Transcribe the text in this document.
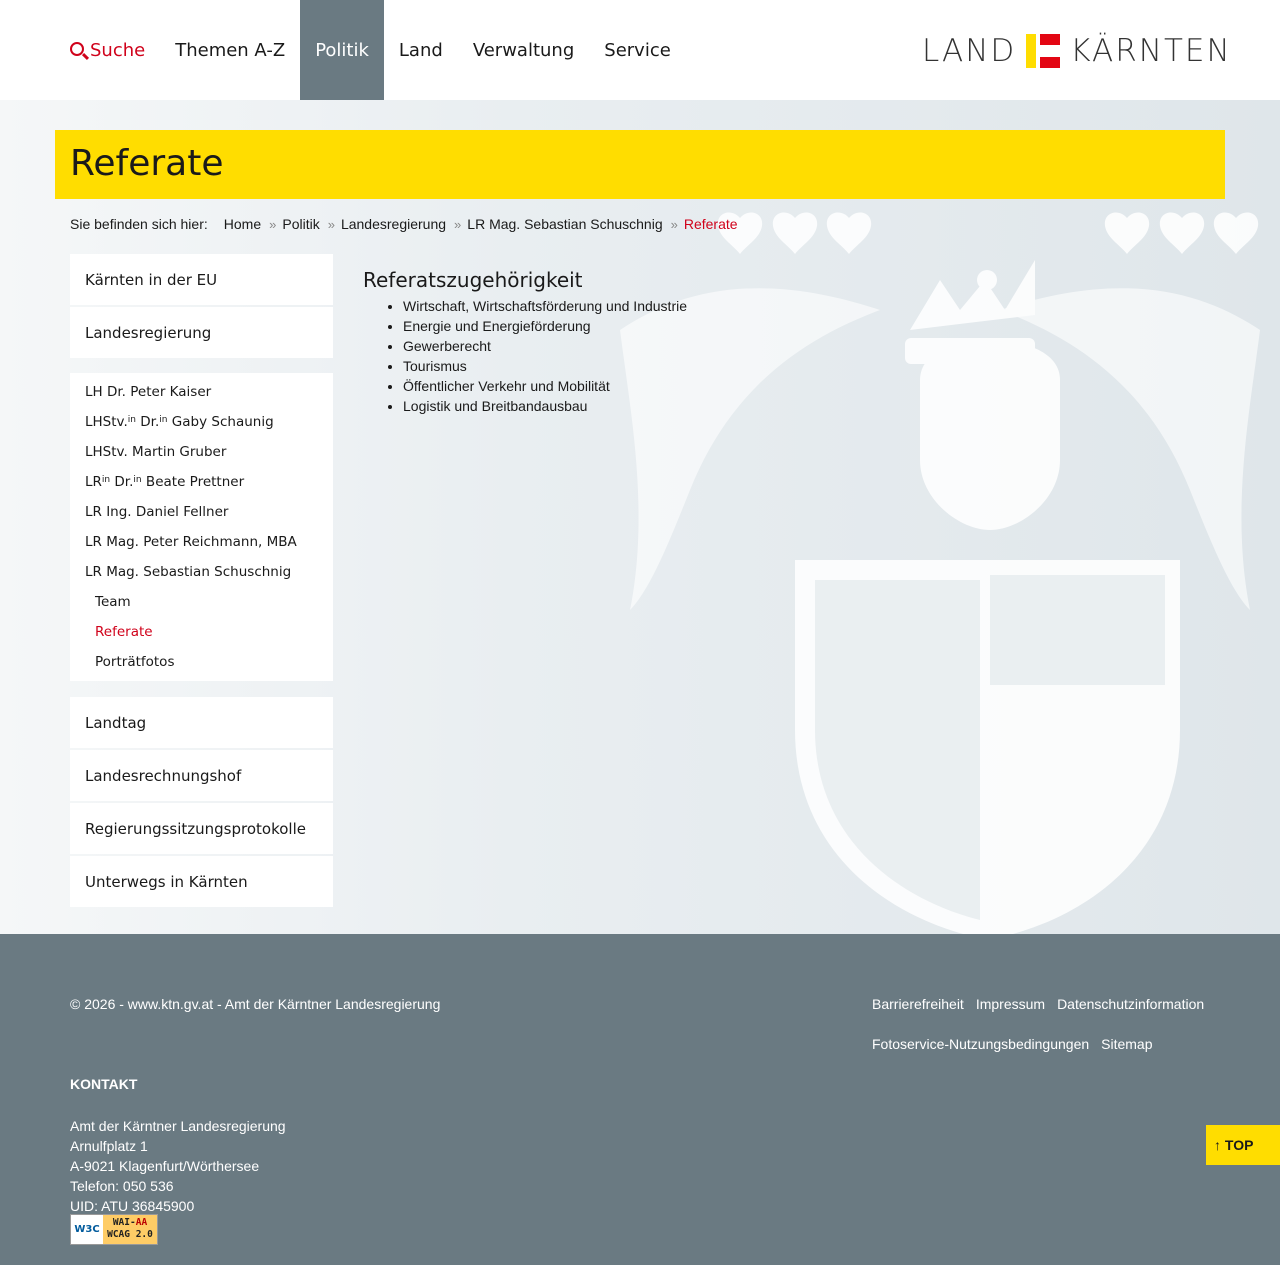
Suche	Themen A-Z	Politik	Land	Verwaltung	Service	LAND KÄRNTEN
Referate
Sie befinden sich hier: Home » Politik » Landesregierung » LR Mag. Sebastian Schuschnig » Referate
Kärnten in der EU
Landesregierung
LH Dr. Peter Kaiser
LHStv.$^{in}$ Dr.$^{in}$ Gaby Schaunig
LHStv. Martin Gruber
$LR^{in}$ Dr.$^{in}$ Beate Prettner
LR Ing. Daniel Fellner
LR Mag. Peter Reichmann, MBA
LR Mag. Sebastian Schuschnig
Team
Referate
Porträtfotos
Landtag
Landesrechnungshof
Regierungssitzungsprotokolle
Unterwegs in Kärnten
Referatszugehörigkeit
• Wirtschaft, Wirtschaftsförderung und Industrie
• Energie und Energieförderung
• Gewerberecht
• Tourismus
• Öffentlicher Verkehr und Mobilität
• Logistik und Breitbandausbau
© 2026 - www.ktn.gv.at - Amt der Kärntner Landesregierung	Barrierefreiheit Impressum Datenschutzinformation
Fotoservice-Nutzungsbedingungen Sitemap
KONTAKT
Amt der Kärntner Landesregierung
Arnulfplatz 1
A-9021 Klagenfurt/Wörthersee
Telefon: 050 536
UID: ATU 36845900
W3C
WAI-AA
WCAG 2.0
↑ TOP
